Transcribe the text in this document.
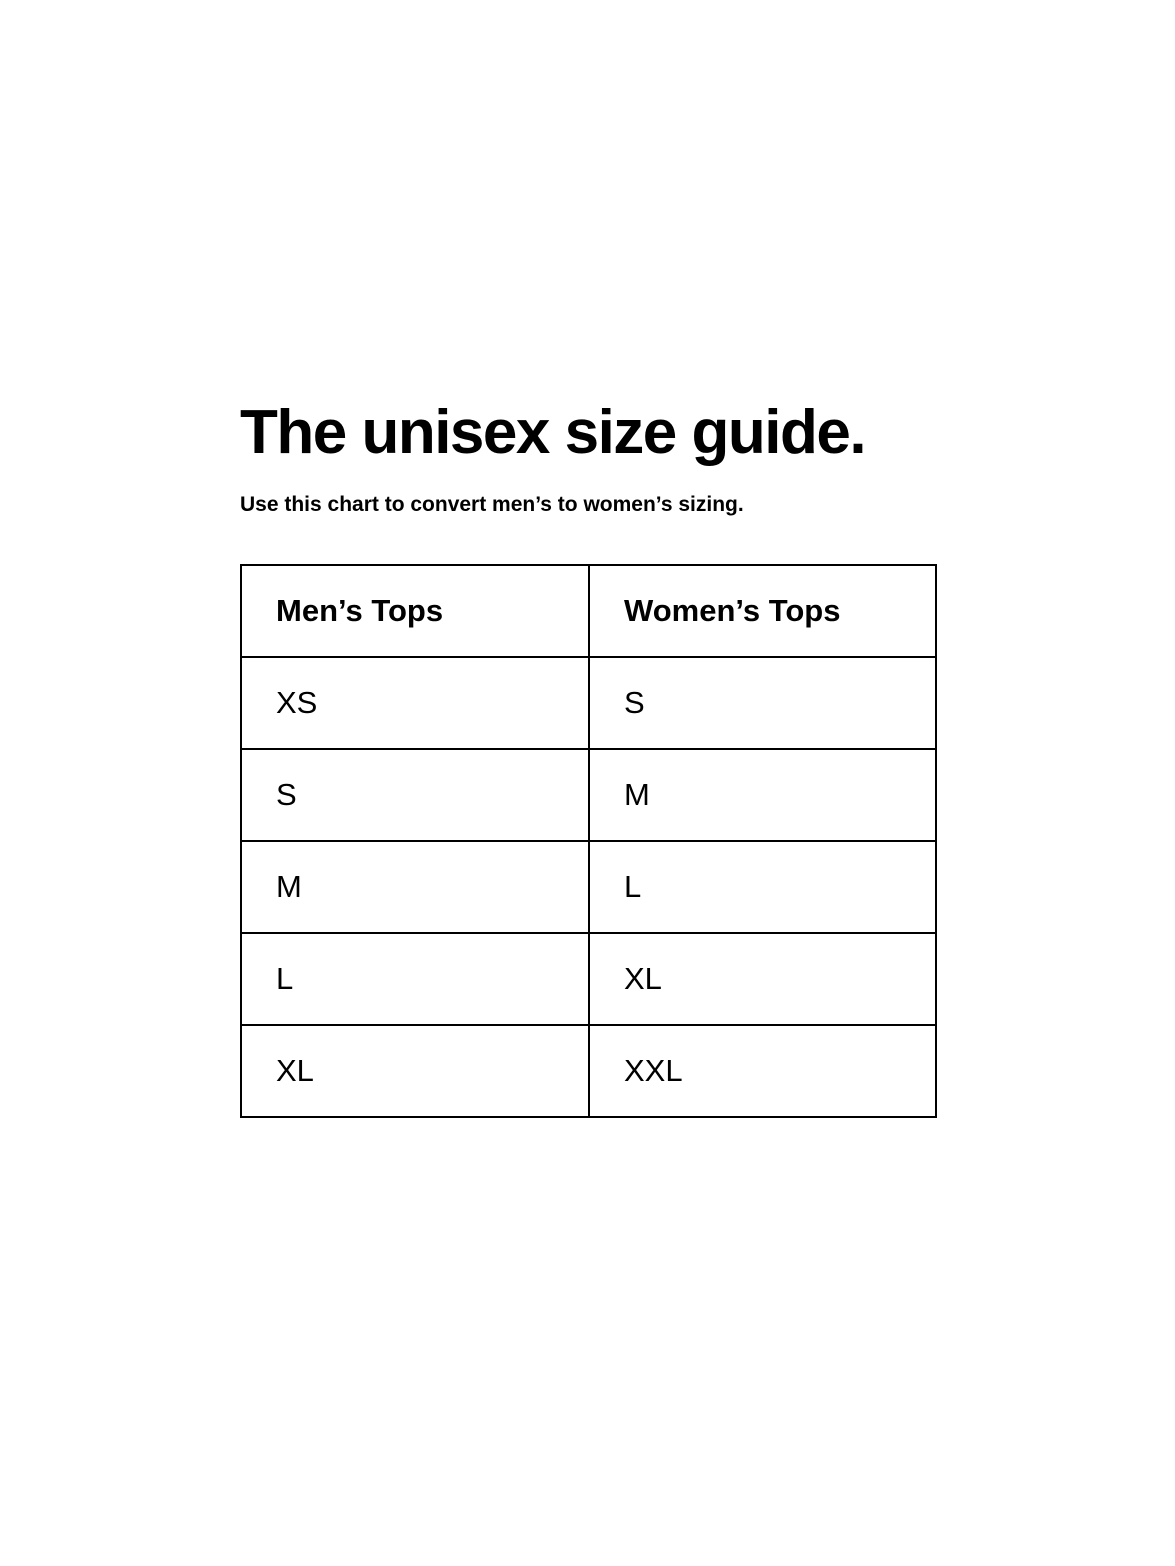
The unisex size guide.

Use this chart to convert men’s to women’s sizing.

Men’s Tops	Women’s Tops
XS	S
S	M
M	L
L	XL
XL	XXL
